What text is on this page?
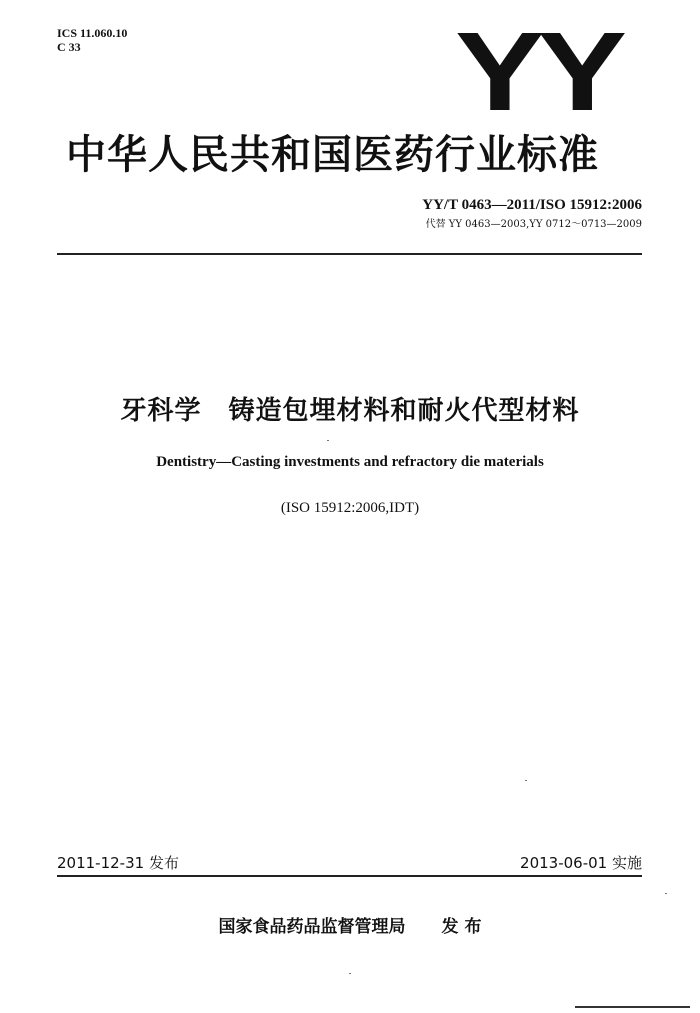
ICS 11.060.10
C 33	YY
中华人民共和国医药行业标准
YY/T 0463—2011/ISO 15912:2006
代替 YY 0463—2003,YY 0712～0713—2009
牙科学　铸造包埋材料和耐火代型材料
Dentistry—Casting investments and refractory die materials
(ISO 15912:2006,IDT)
2011-12-31 发布	2013-06-01 实施
国家食品药品监督管理局 发 布
